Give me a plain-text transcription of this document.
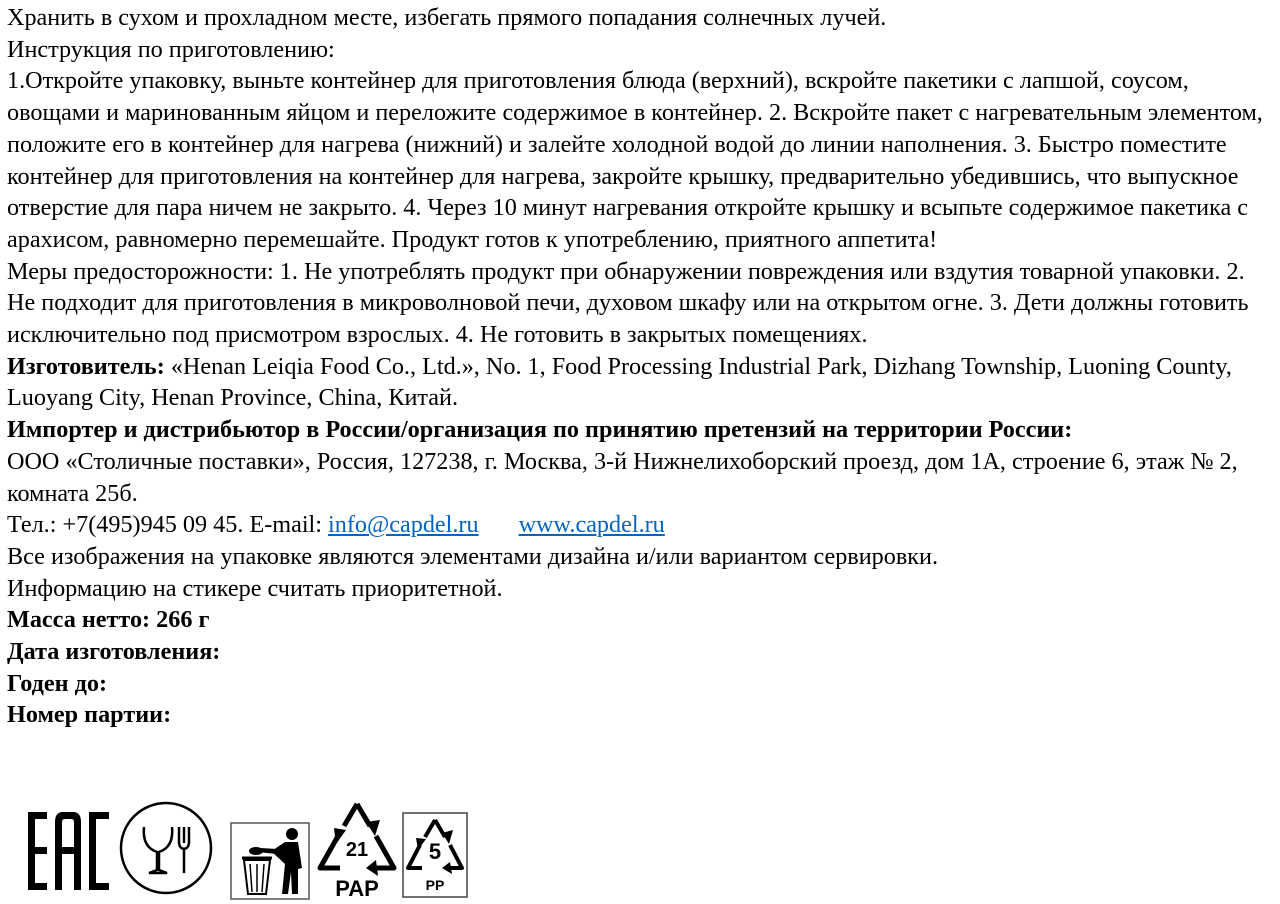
Хранить в сухом и прохладном месте, избегать прямого попадания солнечных лучей.

Инструкция по приготовлению:

1.Откройте упаковку, выньте контейнер для приготовления блюда (верхний), вскройте пакетики с лапшой, соусом, овощами и маринованным яйцом и переложите содержимое в контейнер. 2. Вскройте пакет с нагревательным элементом, положите его в контейнер для нагрева (нижний) и залейте холодной водой до линии наполнения. 3. Быстро поместите контейнер для приготовления на контейнер для нагрева, закройте крышку, предварительно убедившись, что выпускное отверстие для пара ничем не закрыто. 4. Через 10 минут нагревания откройте крышку и всыпьте содержимое пакетика с арахисом, равномерно перемешайте. Продукт готов к употреблению, приятного аппетита!

Меры предосторожности: 1. Не употреблять продукт при обнаружении повреждения или вздутия товарной упаковки. 2. Не подходит для приготовления в микроволновой печи, духовом шкафу или на открытом огне. 3. Дети должны готовить исключительно под присмотром взрослых. 4. Не готовить в закрытых помещениях.

Изготовитель: «Henan Leiqia Food Co., Ltd.», No. 1, Food Processing Industrial Park, Dizhang Township, Luoning County, Luoyang City, Henan Province, China, Китай.

Импортер и дистрибьютор в России/организация по принятию претензий на территории России:

ООО «Столичные поставки», Россия, 127238, г. Москва, 3-й Нижнелихоборский проезд, дом 1А, строение 6, этаж № 2, комната 25б.

Тел.: +7(495)945 09 45. E-mail: info@capdel.ru www.capdel.ru

Все изображения на упаковке являются элементами дизайна и/или вариантом сервировки.

Информацию на стикере считать приоритетной.

Масса нетто: 266 г

Дата изготовления:

Годен до:

Номер партии:

21
PAP
5
PP
